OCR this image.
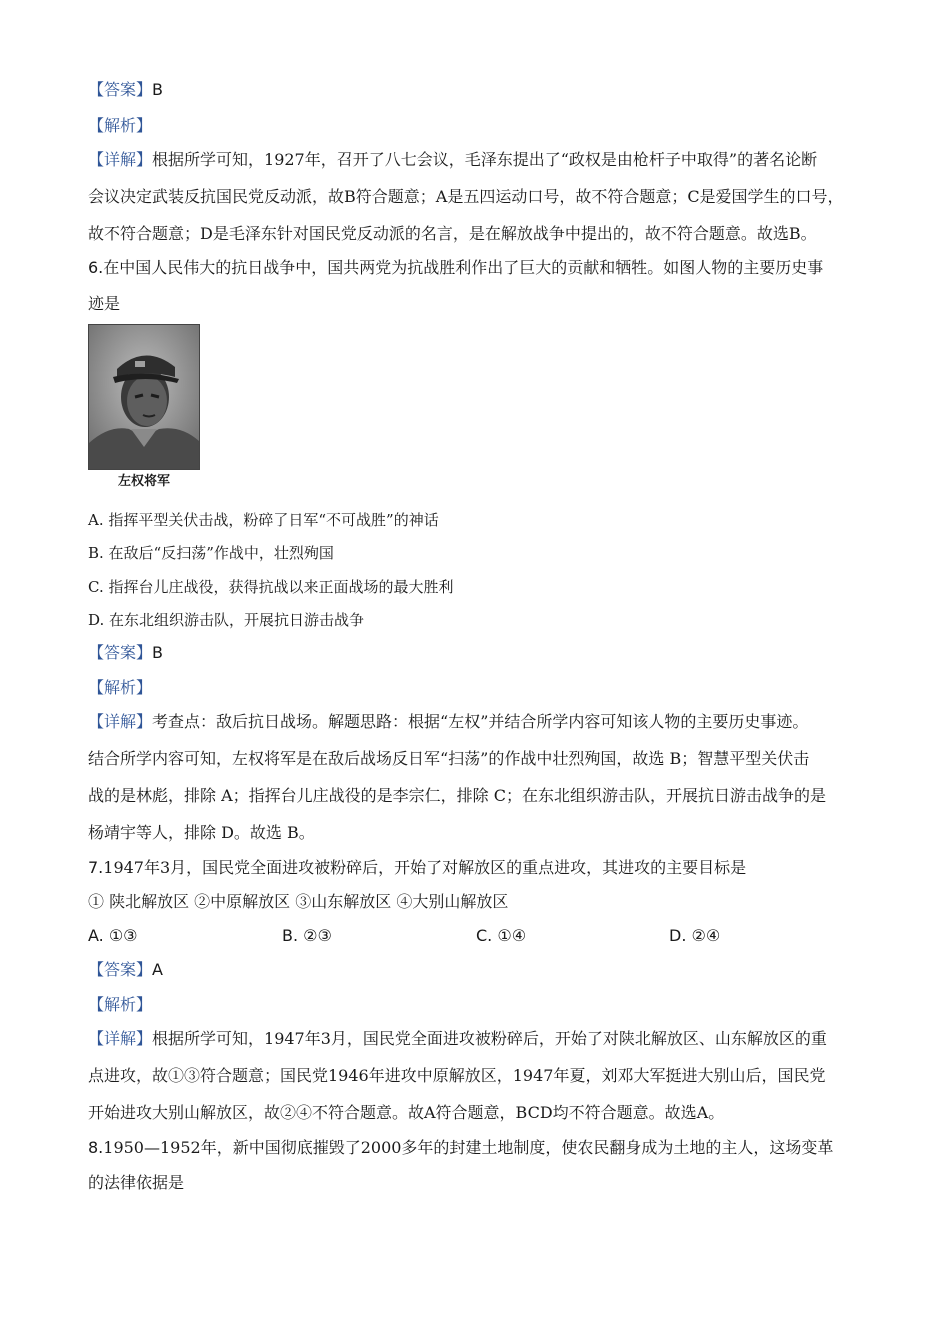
【答案】B
【解析】
【详解】根据所学可知，1927年，召开了八七会议，毛泽东提出了“政权是由枪杆子中取得”的著名论断
会议决定武装反抗国民党反动派，故B符合题意；A是五四运动口号，故不符合题意；C是爱国学生的口号，
故不符合题意；D是毛泽东针对国民党反动派的名言，是在解放战争中提出的，故不符合题意。故选B。
6.在中国人民伟大的抗日战争中，国共两党为抗战胜利作出了巨大的贡献和牺牲。如图人物的主要历史事
迹是
左权将军
A. 指挥平型关伏击战，粉碎了日军“不可战胜”的神话
B. 在敌后“反扫荡”作战中，壮烈殉国
C. 指挥台儿庄战役，获得抗战以来正面战场的最大胜利
D. 在东北组织游击队，开展抗日游击战争
【答案】B
【解析】
【详解】考查点：敌后抗日战场。解题思路：根据“左权”并结合所学内容可知该人物的主要历史事迹。
结合所学内容可知，左权将军是在敌后战场反日军“扫荡”的作战中壮烈殉国，故选 B；智慧平型关伏击
战的是林彪，排除 A；指挥台儿庄战役的是李宗仁，排除 C；在东北组织游击队，开展抗日游击战争的是
杨靖宇等人，排除 D。故选 B。
7.1947年3月，国民党全面进攻被粉碎后，开始了对解放区的重点进攻，其进攻的主要目标是
① 陕北解放区 ②中原解放区 ③山东解放区 ④大别山解放区
A. ①③	B. ②③	C. ①④	D. ②④
【答案】A
【解析】
【详解】根据所学可知，1947年3月，国民党全面进攻被粉碎后，开始了对陕北解放区、山东解放区的重
点进攻，故①③符合题意；国民党1946年进攻中原解放区，1947年夏，刘邓大军挺进大别山后，国民党
开始进攻大别山解放区，故②④不符合题意。故A符合题意，BCD均不符合题意。故选A。
8.1950—1952年，新中国彻底摧毁了2000多年的封建土地制度，使农民翻身成为土地的主人，这场变革
的法律依据是
